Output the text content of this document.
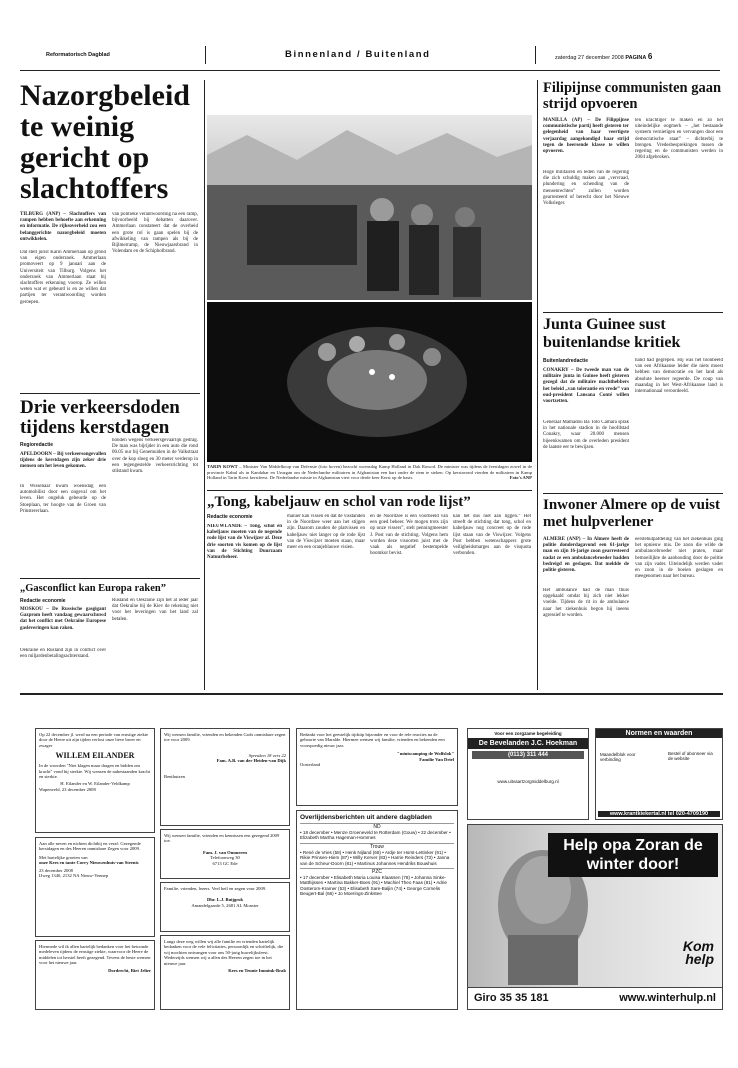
Reformatorisch Dagblad	Binnenland / Buitenland	zaterdag 27 december 2008 PAGINA 6
Nazorgbeleid te weinig gericht op slachtoffers
TILBURG (ANP) – Slachtoffers van rampen hebben behoefte aan erkenning en informatie. De rijksoverheid zou een belanggerichte nazorgbeleid moeten ontwikkelen.
Dat stelt jurist Karin Ammerlaan op grond van eigen onderzoek. Ammerlaan promoveert op 9 januari aan de Universiteit van Tilburg. Volgens het onderzoek van Ammerlaan staat bij slachtoffers erkenning voorop. Ze willen weten wat er gebeurd is en ze willen dat partijen ter verantwoording worden geroepen.
van politieke verantwoording na een ramp, bijvoorbeeld bij debatten daarover. Ammerlaan constateert dat de overheid een grote rol is gaan spelen bij de afwikkeling van rampen als bij de Bijlmerramp, de Nieuwjaarsbrand in Volendam en de Schipholbrand.
Drie verkeersdoden tijdens kerstdagen
Regioredactie
APELDOORN – Bij verkeersongevallen tijdens de kerstdagen zijn zeker drie mensen om het leven gekomen.
In Wissenaar kwam woensdag een automobilist door een ongeval om het leven. Het ongeluk gebeurde op de Stoeplaan, ter hoogte van de Groen van Prinstererlaan.
honden wegens verkeersgevaarlijk gedrag. De man was bijrijder in een auto die rond 00.05 uur bij Genemuiden in de Valkstraat over de kop sloeg en 30 meter verderop in een tegengestelde verkeersrichting tot stilstand kwam.
„Gasconflict kan Europa raken”
Redactie economie
MOSKOU – De Russische gasgigant Gazprom heeft vandaag gewaarschuwd dat het conflict met Oekraïne Europese gasleveringen kan raken.
Oekraïne en Rusland zijn in conflict over een miljardenbetalingsachterstand.
Rusland en Oekraïne zijn het al ieder jaar dat Oekraïne bij de Kiev de rekening niet voor het leveringen van het land zal betalen.
TARIN KOWT – Minister Van Middelkoop van Defensie (foto boven) bezocht woensdag Kamp Holland in Dah Rawod. De minister was tijdens de feestdagen zowel in de provincie Kabul als in Kandahar en Uruzgan om de Nederlandse militairen in Afghanistan een hart onder de riem te steken. Op kerstavond vierden de militairen in Kamp Holland in Tarin Kowt kerstfeest. De Nederlandse missie in Afghanistan viert voor derde keer Kerst op de basis.	Foto's ANP
„Tong, kabeljauw en schol van rode lijst”
Redactie economie
NIEUWLANDE – Tong, schol en kabeljauw moeten van de negende rode lijst van de Viswijzer af. Deze drie soorten vis komen op de lijst van de Stichting Duurzaam Natuurbeheer.
manier kan vissen en dat de visstanden in de Noordzee weer aan het stijgen zijn. Daarom zouden de platvissen en kabeljauw niet langer op de rode lijst van de Viswijzer moeten staan, maar meer en een oranjeblauwe visien.
en de Noordzee is een voorbeeld van een goed beheer. We mogen trots zijn op onze vissers”, stelt penningmeester J. Post van de stichting. Volgens hem worden deze visoorten juist met de vaak als negatief bestempelde boomkor bevist.
kan het dus niet aan liggen.” Het streeft de stichting dat tong, schol en kabeljauw nog concreet op de rode lijst staan van de Viswijzer. Volgens Post hebben wetenschappers grote veiligheidsmarges aan de visquota verbonden.
Filipijnse communisten gaan strijd opvoeren
MANILLA (AP) – De Filippijnse communistische partij heeft gisteren ter gelegenheid van haar veertigste verjaardag aangekondigd haar strijd tegen de heersende klasse te willen opvoeren.
Hoge militairen en leden van de regering die zich schuldig maken aan „vervraad, plundering en schending van de mensenrechten” zullen worden gearresteerd of berecht door het Nieuwe Volksleger.
ten krachtiger te maken en zo het uiteindelijke oogmerk – „het bestaande systeem vernietigen en vervangen door een democratische staat” – dichterbij te brengen. Vredesbesprekingen tussen de regering en de communisten werden in 2004 afgebroken.
Junta Guinee sust buitenlandse kritiek
Buitenlandredactie
CONAKRY – De tweede man van de militaire junta in Guinee heeft gisteren gezegd dat de militaire machthebbers het beleid „van tolerantie en vrede” van oud-president Lansana Conté willen voortzetten.
Generaal Mamadou Ba Toto Camara sprak in het nationale stadion in de hoofdstad Conakry, waar 20.000 mensen bijeenkwamen om de overleden president de laatste eer te bewijzen.
hand had gegrepen. Hij was het toonbeeld van een Afrikaanse leider die niets moest hebben van democratie en het land als absolute heerser regeerde. De coup van maandag in het West-Afrikaanse land is internationaal veroordeeld.
Inwoner Almere op de vuist met hulpverlener
ALMERE (ANP) – In Almere heeft de politie donderdagavond een 61-jarige man en zijn 16-jarige zoon gearresteerd nadat ze een ambulancebroeder hadden bedreigd en geslagen. Dat meldde de politie gisteren.
Het ambulance had de man thuis opgehaald omdat hij zich niet lekker voelde. Tijdens de rit in de ambulance naar het ziekenhuis begon hij ineens agressief te worden.
eerstehulpafdeling van het ziekenhuis ging het opnieuw mis. De zoon die wilde de ambulancebroeder niet praten, maar bemoeilijkte de aanhouding door de politie van zijn vader. Uiteindelijk werden vader en zoon in de boeien geslagen en meegenomen naar het bureau.
Op 22 december jl. werd na een periode van ernstige ziekte door de Heere uit zijn tijden verlost onze lieve broer en zwager
WILLEM EILANDER
In de woorden "Niet klagen maar dragen en bidden om kracht" vond hij sterkte. Wij wensen de nabestaanden kracht en sterkte.
H. Eilander en W. Eilander-Veldkamp
Wapenveld, 23 december 2008
Aan alle neven en nichten dichtbij en veraf: Gezegende kerstdagen en des Heeren onmisbare Zegen voor 2009.
Met hartelijke groeten van
onze Kees en tante Corry Nieuwenhuis-van Steenis
23 december 2008
IJweg 1340, 2132 NA Nieuw-Vennep
Hiermede wil ik allen hartelijk bedanken voor het betoonde medeleven tijdens de ernstige ziekte, waarvoor de Heere de middelen tot herstel heeft gezegend. Tevens de beste wensen voor het nieuwe jaar.
Dordrecht, Riet Jelier
Wij wensen familie, vrienden en bekenden Gods onmisbare zegen toe voor 2009.
Spreuken 18 vers 22
Fam. A.B. van der Heiden-van Dijk
Benthuizen
Wij wensen familie, vrienden en kennissen een gezegend 2009 toe.
Fam. J. van Ommeren
Telefoonweg 30
6713 GC Ede
Familie, vrienden, lezers. Veel heil en zegen voor 2009.
Dhr. L.J. Buijgrok
Amandelgaarde 5, 2681 AL Monster
Langs deze weg willen wij alle familie en vrienden hartelijk bedanken voor de vele felicitaties, persoonlijk en schriftelijk, die wij mochten ontvangen voor ons 50-jarig huwelijksfeest. Wederzijds wensen wij u allen des Heeren zegen toe in het nieuwe jaar.
Kees en Teunie Immink-Brak
Bedankt voor het geestelijk tijdstip bijzonder en voor de rele reacties na de geboorte van Maralde. Hiermee wensen wij familie, vrienden en bekenden een voorspoedig nieuw jaar.
"miniscamping de Wolfslok"
Familie Van Driel
Oosterland
Overlijdensberichten uit andere dagbladen
ND
• 18 december • Menze Groeneveld te Rotterdam (Gouw) • 22 december • Elizabeth Martha Hageman-Hommes
Trouw
• René de Vries (58) • Henk Nijland (68) • Ardje ter Horst-Lettinker (91) • Rikie Prinsen-Hiem (87) • Willy Kerver (83) • Harrie Reinders (73) • Janna van de Scheur-Doorn (81) • Martinus Johannes Hendriks Bouwhuis
PZC
• 17 december • Elisabeth Maria Louisa Klaassen (78) • Johanna Sinke-Matthijssen • Martina Bakker-Boes (91) • Machiel Theo Faas (81) • Adrie Oosterom-Kramer (53) • Elisabeth Sare-Baljin (74) • George Cornelis Beugert-Bal (66) • Jo Moerings-Zinkstee
Voor een zorgzame begeleiding
De Bevelanden J.C. Hoekman
(0113) 311 444
www.uitvaartzorgmiddelburg.nl
Normen en waarden
Maandelblok voor verbinding
Bestel of abonneer via de website
www.krantkiekertal.nl tel 020-4709190
Help opa Zoran de winter door!
Kom
help
Giro 35 35 181	www.winterhulp.nl
